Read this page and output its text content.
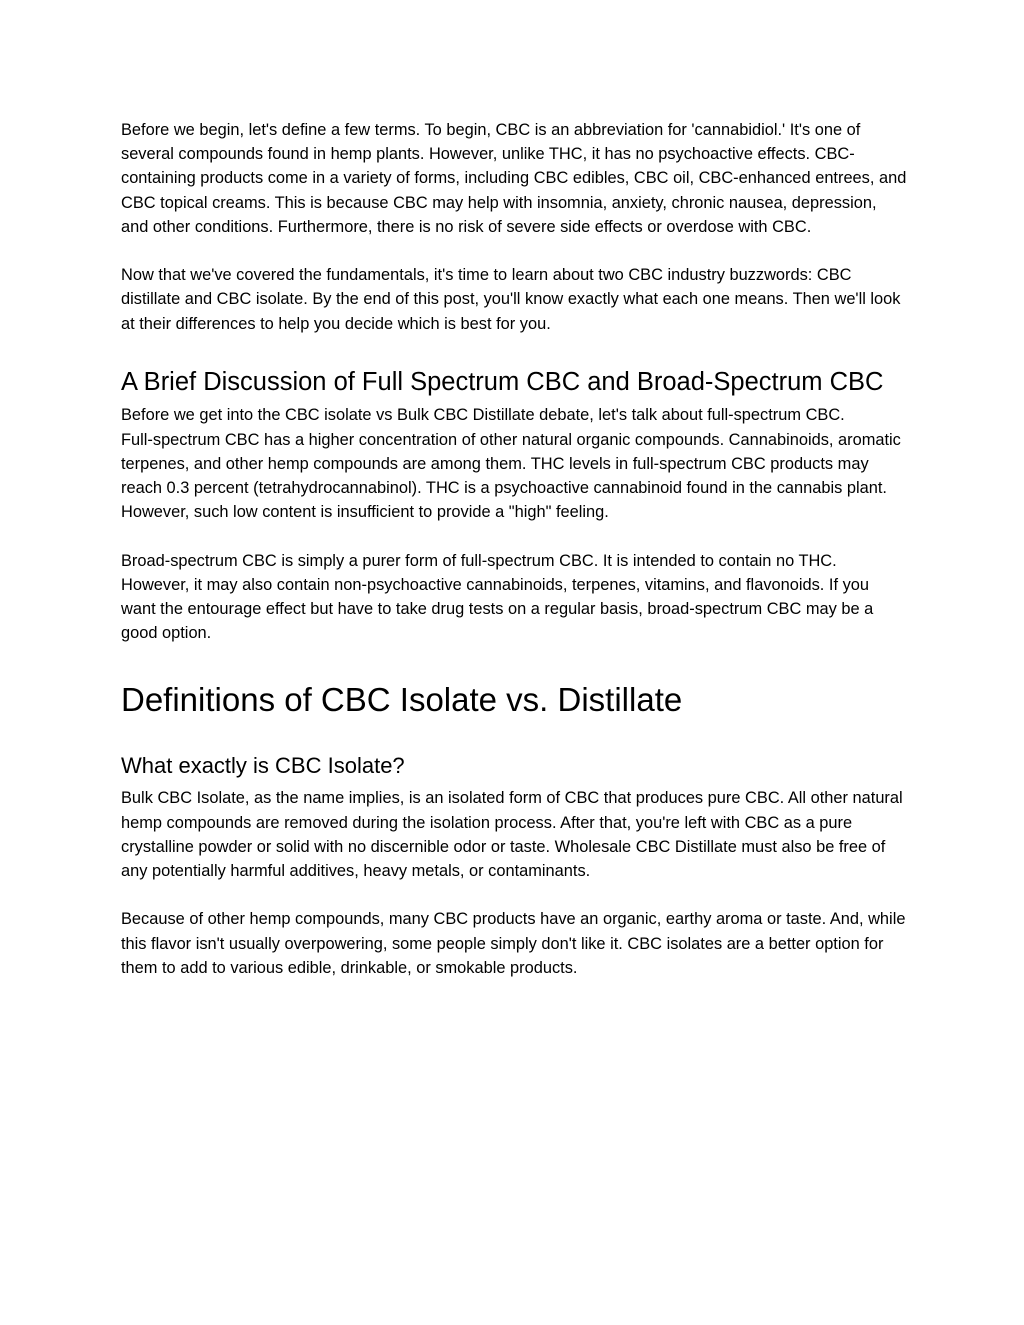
Before we begin, let's define a few terms. To begin, CBC is an abbreviation for 'cannabidiol.' It's one of several compounds found in hemp plants. However, unlike THC, it has no psychoactive effects. CBC-containing products come in a variety of forms, including CBC edibles, CBC oil, CBC-enhanced entrees, and CBC topical creams. This is because CBC may help with insomnia, anxiety, chronic nausea, depression, and other conditions. Furthermore, there is no risk of severe side effects or overdose with CBC.

Now that we've covered the fundamentals, it's time to learn about two CBC industry buzzwords: CBC distillate and CBC isolate. By the end of this post, you'll know exactly what each one means. Then we'll look at their differences to help you decide which is best for you.

A Brief Discussion of Full Spectrum CBC and Broad-Spectrum CBC

Before we get into the CBC isolate vs Bulk CBC Distillate debate, let's talk about full-spectrum CBC.

Full-spectrum CBC has a higher concentration of other natural organic compounds. Cannabinoids, aromatic terpenes, and other hemp compounds are among them. THC levels in full-spectrum CBC products may reach 0.3 percent (tetrahydrocannabinol). THC is a psychoactive cannabinoid found in the cannabis plant. However, such low content is insufficient to provide a "high" feeling.

Broad-spectrum CBC is simply a purer form of full-spectrum CBC. It is intended to contain no THC. However, it may also contain non-psychoactive cannabinoids, terpenes, vitamins, and flavonoids. If you want the entourage effect but have to take drug tests on a regular basis, broad-spectrum CBC may be a good option.

Definitions of CBC Isolate vs. Distillate
What exactly is CBC Isolate?

Bulk CBC Isolate, as the name implies, is an isolated form of CBC that produces pure CBC. All other natural hemp compounds are removed during the isolation process. After that, you're left with CBC as a pure crystalline powder or solid with no discernible odor or taste. Wholesale CBC Distillate must also be free of any potentially harmful additives, heavy metals, or contaminants.

Because of other hemp compounds, many CBC products have an organic, earthy aroma or taste. And, while this flavor isn't usually overpowering, some people simply don't like it. CBC isolates are a better option for them to add to various edible, drinkable, or smokable products.
